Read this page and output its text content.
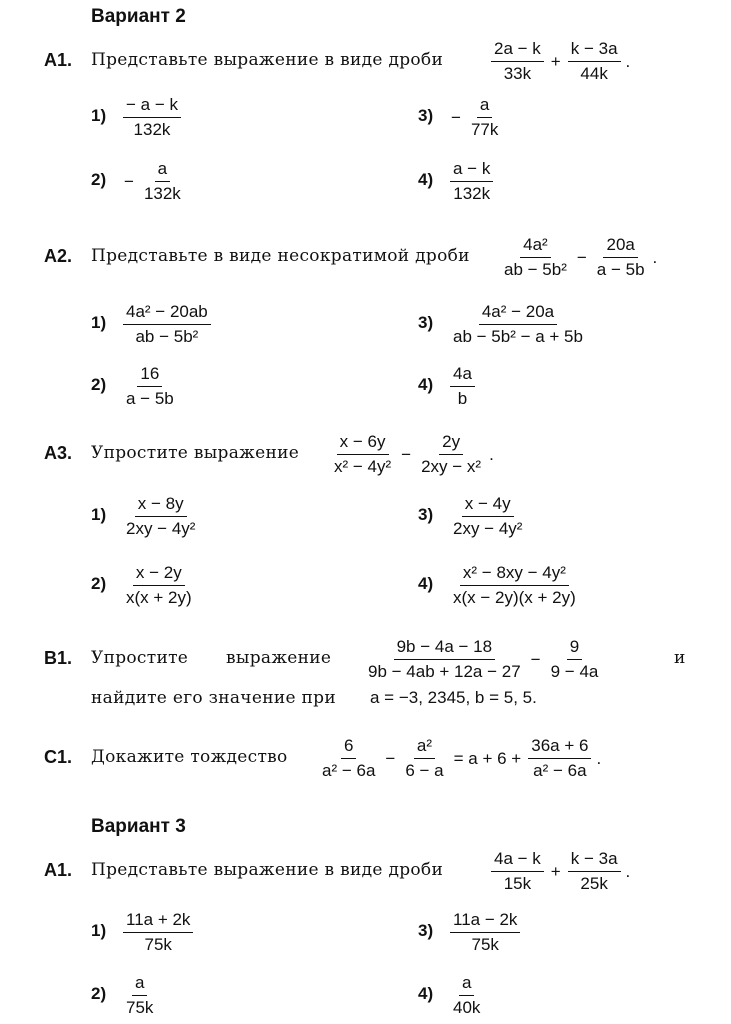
Вариант 2
А1. Представьте выражение в виде дроби	$\frac{2a - k}{33k} + \frac{k - 3a}{44k}$ .
$1) \frac{- a - k}{132k}$
$2) - \frac{a}{132k}$
$3) - \frac{a}{77k}$
$4) \frac{a - k}{132k}$
А2. Представьте в виде несократимой дроби $\frac{\text{4a²}}{\text{ab − 5b²}} - \frac{20a}{a - 5b}$ .
$1) \frac{\text{4a² − 20ab}}{\text{ab − 5b²}}$
$2) \frac{16}{a - 5b}$
$3) \frac{\text{4a² − 20a}}{\text{ab − 5b² − a + 5b}}$
$4) \frac{4a}{b}$
А3. Упростите выражение $\frac{x - 6y}{\text{x² − 4y²}} - \frac{2y}{\text{2xy − x²}}$ .
$1) \frac{x - 8y}{\text{2xy − 4y²}}$
$2) \frac{x - 2y}{x(x + 2y)}$
$3) \frac{x - 4y}{\text{2xy − 4y²}}$
$4) \frac{\text{x² − 8xy − 4y²}}{x(x - 2y)(x + 2y)}$
В1. Упростите выражение $\frac{9b - 4a - 18}{9b - 4ab + 12a - 27} - \frac{9}{9 - 4a}$	и
найдите его значение при a = −3, 2345, b = 5, 5.
С1. Докажите тождество $\frac{6}{\text{a² − 6a}} - \frac{\text{a²}}{6 - a} = a + 6 + \frac{36a + 6}{\text{a² − 6a}}$ .
Вариант 3
А1. Представьте выражение в виде дроби	$\frac{4a - k}{15k} + \frac{k - 3a}{25k}$ .
$1) \frac{11a + 2k}{75k}$
$2) \frac{a}{75k}$
$3) \frac{11a - 2k}{75k}$
$4) \frac{a}{40k}$
